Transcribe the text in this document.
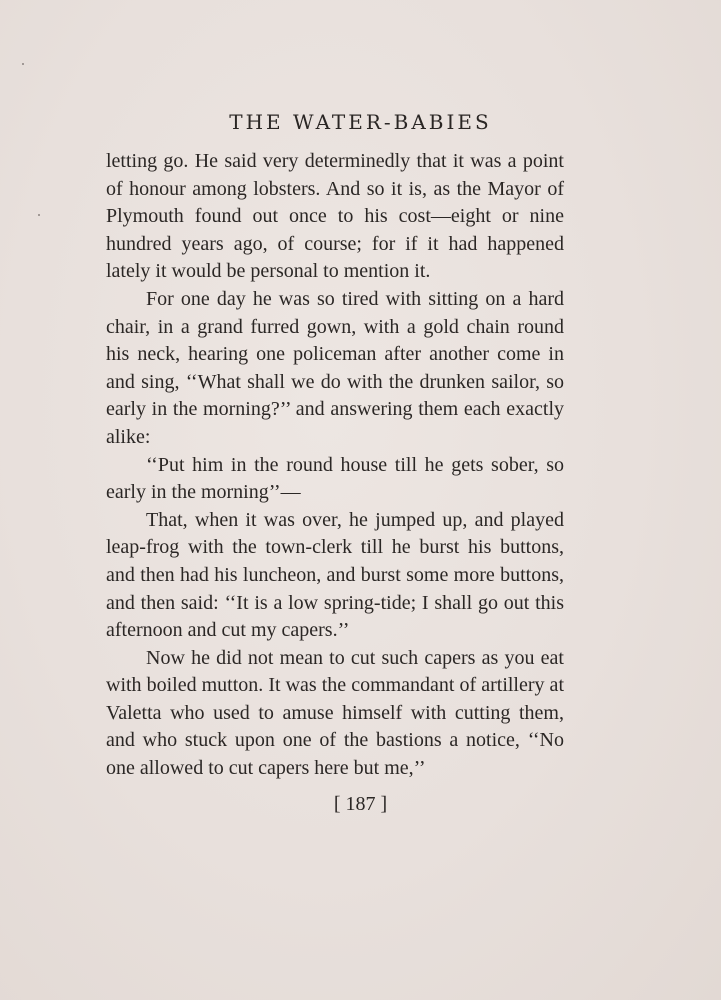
THE WATER-BABIES

letting go. He said very determinedly that it was a point of honour among lobsters. And so it is, as the Mayor of Plymouth found out once to his cost—eight or nine hundred years ago, of course; for if it had happened lately it would be personal to mention it.

For one day he was so tired with sitting on a hard chair, in a grand furred gown, with a gold chain round his neck, hearing one policeman after another come in and sing, ‘‘What shall we do with the drunken sailor, so early in the morning?’’ and answering them each exactly alike:

‘‘Put him in the round house till he gets sober, so early in the morning’’—

That, when it was over, he jumped up, and played leap-frog with the town-clerk till he burst his buttons, and then had his luncheon, and burst some more buttons, and then said: ‘‘It is a low spring-tide; I shall go out this afternoon and cut my capers.’’

Now he did not mean to cut such capers as you eat with boiled mutton. It was the commandant of artillery at Valetta who used to amuse himself with cutting them, and who stuck upon one of the bastions a notice, ‘‘No one allowed to cut capers here but me,’’

[ 187 ]
